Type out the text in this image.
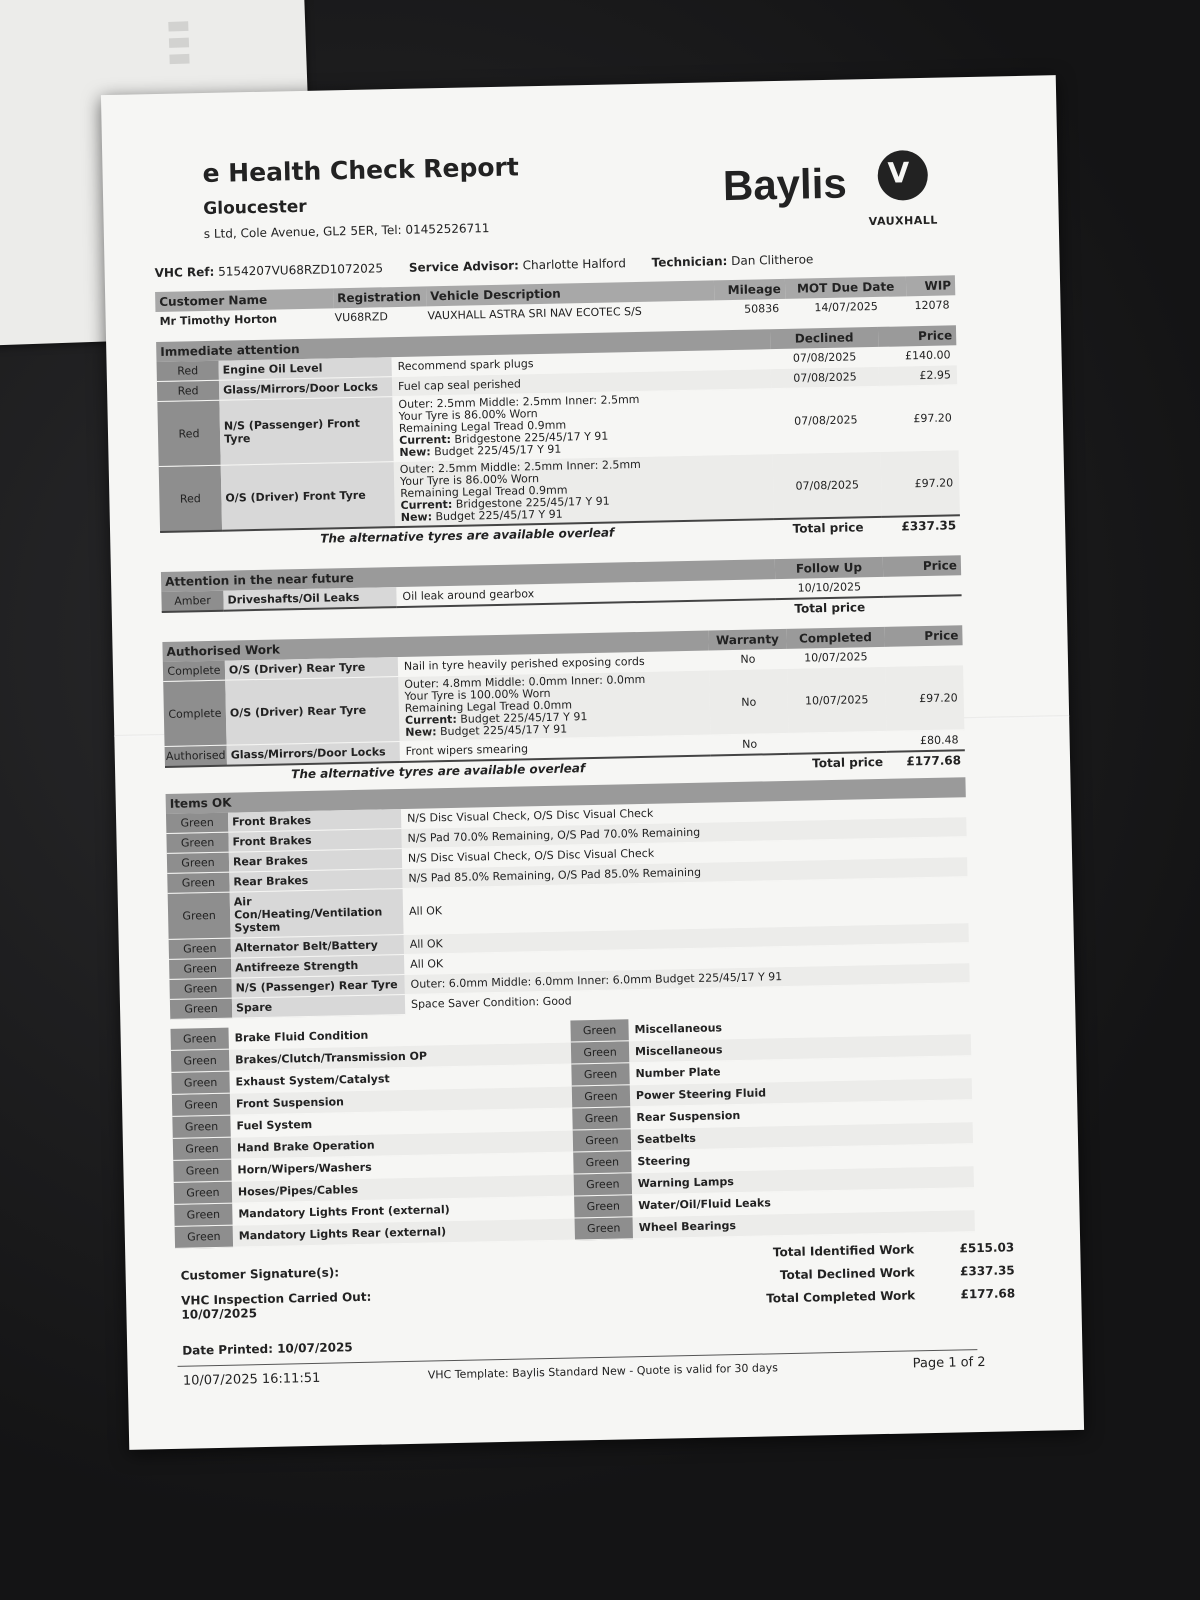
▮▮▮
e Health Check Report
Gloucester
s Ltd, Cole Avenue, GL2 5ER, Tel: 01452526711
Baylis V
VAUXHALL
VHC Ref: 5154207VU68RZD1072025 Service Advisor: Charlotte Halford Technician: Dan Clitheroe
Customer Name	Registration	Vehicle Description	Mileage	MOT Due Date	WIP
Mr Timothy Horton	VU68RZD	VAUXHALL ASTRA SRI NAV ECOTEC S/S	50836	14/07/2025	12078
Immediate attention			Declined	Price
Red	Engine Oil Level	Recommend spark plugs	07/08/2025	£140.00
Red	Glass/Mirrors/Door Locks	Fuel cap seal perished	07/08/2025	£2.95
Red	N/S (Passenger) Front Tyre	Outer: 2.5mm Middle: 2.5mm Inner: 2.5mm
Your Tyre is 86.00% Worn
Remaining Legal Tread 0.9mm
Current: Bridgestone 225/45/17 Y 91
New: Budget 225/45/17 Y 91	07/08/2025	£97.20
Red	O/S (Driver) Front Tyre	Outer: 2.5mm Middle: 2.5mm Inner: 2.5mm
Your Tyre is 86.00% Worn
Remaining Legal Tread 0.9mm
Current: Bridgestone 225/45/17 Y 91
New: Budget 225/45/17 Y 91	07/08/2025	£97.20
The alternative tyres are available overleaf			Total price	£337.35
Attention in the near future			Follow Up	Price
Amber	Driveshafts/Oil Leaks	Oil leak around gearbox	10/10/2025	
			Total price	
Authorised Work			Warranty	Completed	Price
Complete	O/S (Driver) Rear Tyre	Nail in tyre heavily perished exposing cords	No	10/07/2025	
Complete	O/S (Driver) Rear Tyre	Outer: 4.8mm Middle: 0.0mm Inner: 0.0mm
Your Tyre is 100.00% Worn
Remaining Legal Tread 0.0mm
Current: Budget 225/45/17 Y 91
New: Budget 225/45/17 Y 91	No	10/07/2025	£97.20
Authorised	Glass/Mirrors/Door Locks	Front wipers smearing	No		£80.48
The alternative tyres are available overleaf			Total price		£177.68
Items OK		
Green	Front Brakes	N/S Disc Visual Check, O/S Disc Visual Check
Green	Front Brakes	N/S Pad 70.0% Remaining, O/S Pad 70.0% Remaining
Green	Rear Brakes	N/S Disc Visual Check, O/S Disc Visual Check
Green	Rear Brakes	N/S Pad 85.0% Remaining, O/S Pad 85.0% Remaining
Green	Air Con/Heating/Ventilation System	All OK
Green	Alternator Belt/Battery	All OK
Green	Antifreeze Strength	All OK
Green	N/S (Passenger) Rear Tyre	Outer: 6.0mm Middle: 6.0mm Inner: 6.0mm Budget 225/45/17 Y 91
Green	Spare	Space Saver Condition: Good
Green	Brake Fluid Condition
Green	Brakes/Clutch/Transmission OP
Green	Exhaust System/Catalyst
Green	Front Suspension
Green	Fuel System
Green	Hand Brake Operation
Green	Horn/Wipers/Washers
Green	Hoses/Pipes/Cables
Green	Mandatory Lights Front (external)
Green	Mandatory Lights Rear (external)
Green	Miscellaneous
Green	Miscellaneous
Green	Number Plate
Green	Power Steering Fluid
Green	Rear Suspension
Green	Seatbelts
Green	Steering
Green	Warning Lamps
Green	Water/Oil/Fluid Leaks
Green	Wheel Bearings
Customer Signature(s):
VHC Inspection Carried Out:
10/07/2025
Date Printed: 10/07/2025
Total Identified Work	£515.03
Total Declined Work	£337.35
Total Completed Work	£177.68
10/07/2025 16:11:51	VHC Template: Baylis Standard New - Quote is valid for 30 days	Page 1 of 2
